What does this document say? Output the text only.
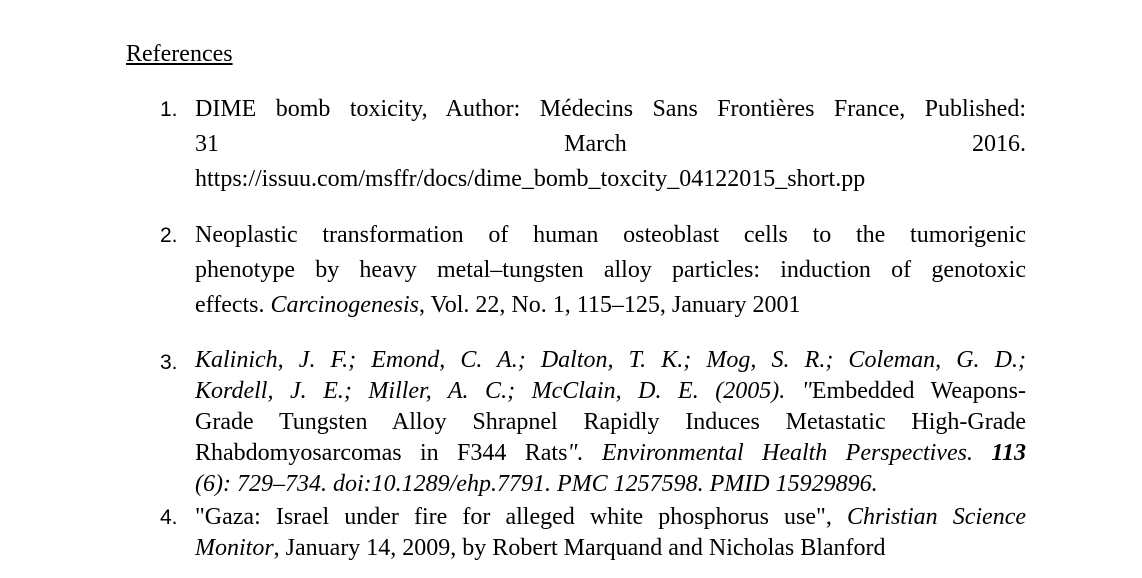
References
1. DIME bomb toxicity, Author: Médecins Sans Frontières France, Published:
31	March	2016.
https://issuu.com/msffr/docs/dime_bomb_toxcity_04122015_short.pp
2. Neoplastic transformation of human osteoblast cells to the tumorigenic
phenotype by heavy metal–tungsten alloy particles: induction of genotoxic
effects. Carcinogenesis, Vol. 22, No. 1, 115–125, January 2001
3. Kalinich, J. F.; Emond, C. A.; Dalton, T. K.; Mog, S. R.; Coleman, G. D.;
Kordell, J. E.; Miller, A. C.; McClain, D. E. (2005). "Embedded Weapons-
Grade Tungsten Alloy Shrapnel Rapidly Induces Metastatic High-Grade
Rhabdomyosarcomas in F344 Rats". Environmental Health Perspectives. 113
(6): 729–734. doi:10.1289/ehp.7791. PMC 1257598. PMID 15929896.
4. "Gaza: Israel under fire for alleged white phosphorus use", Christian Science
Monitor, January 14, 2009, by Robert Marquand and Nicholas Blanford
